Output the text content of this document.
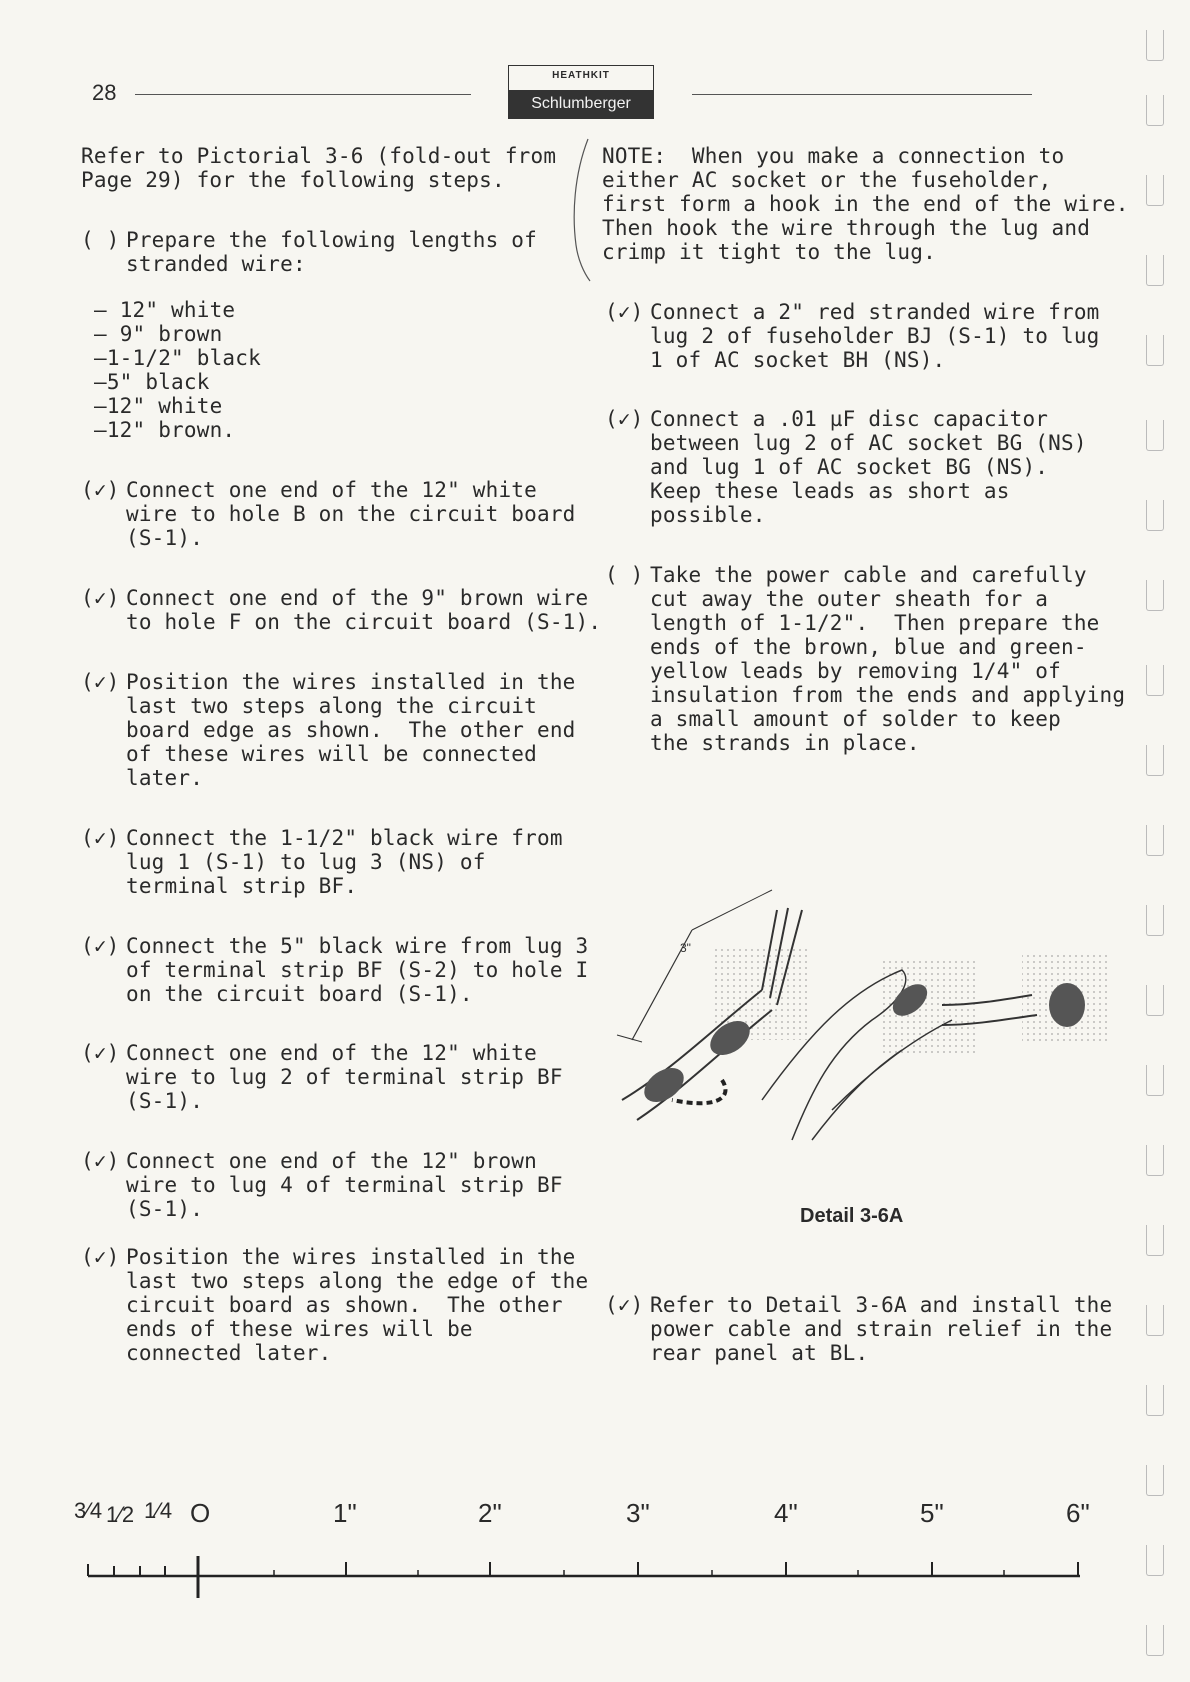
28
HEATHKIT
Schlumberger
Refer to Pictorial 3-6 (fold-out from
Page 29) for the following steps.
( ) Prepare the following lengths of
stranded wire:
— 12" white
— 9" brown
—1-1/2" black
—5" black
—12" white
—12" brown.
(✓) Connect one end of the 12" white
wire to hole B on the circuit board
(S-1).
(✓) Connect one end of the 9" brown wire
to hole F on the circuit board (S-1).
(✓) Position the wires installed in the
last two steps along the circuit
board edge as shown.  The other end
of these wires will be connected
later.
(✓) Connect the 1-1/2" black wire from
lug 1 (S-1) to lug 3 (NS) of
terminal strip BF.
(✓) Connect the 5" black wire from lug 3
of terminal strip BF (S-2) to hole I
on the circuit board (S-1).
(✓) Connect one end of the 12" white
wire to lug 2 of terminal strip BF
(S-1).
(✓) Connect one end of the 12" brown
wire to lug 4 of terminal strip BF
(S-1).
(✓) Position the wires installed in the
last two steps along the edge of the
circuit board as shown.  The other
ends of these wires will be
connected later.
NOTE:  When you make a connection to
either AC socket or the fuseholder,
first form a hook in the end of the wire.
Then hook the wire through the lug and
crimp it tight to the lug.
(✓) Connect a 2" red stranded wire from
lug 2 of fuseholder BJ (S-1) to lug
1 of AC socket BH (NS).
(✓) Connect a .01 µF disc capacitor
between lug 2 of AC socket BG (NS)
and lug 1 of AC socket BG (NS).
Keep these leads as short as
possible.
( ) Take the power cable and carefully
cut away the outer sheath for a
length of 1-1/2".  Then prepare the
ends of the brown, blue and green-
yellow leads by removing 1/4" of
insulation from the ends and applying
a small amount of solder to keep
the strands in place.
3"
Detail 3-6A
(✓) Refer to Detail 3-6A and install the
power cable and strain relief in the
rear panel at BL.
3⁄4 1⁄2 1⁄4 O	1"	2"	3"	4"	5"	6"
